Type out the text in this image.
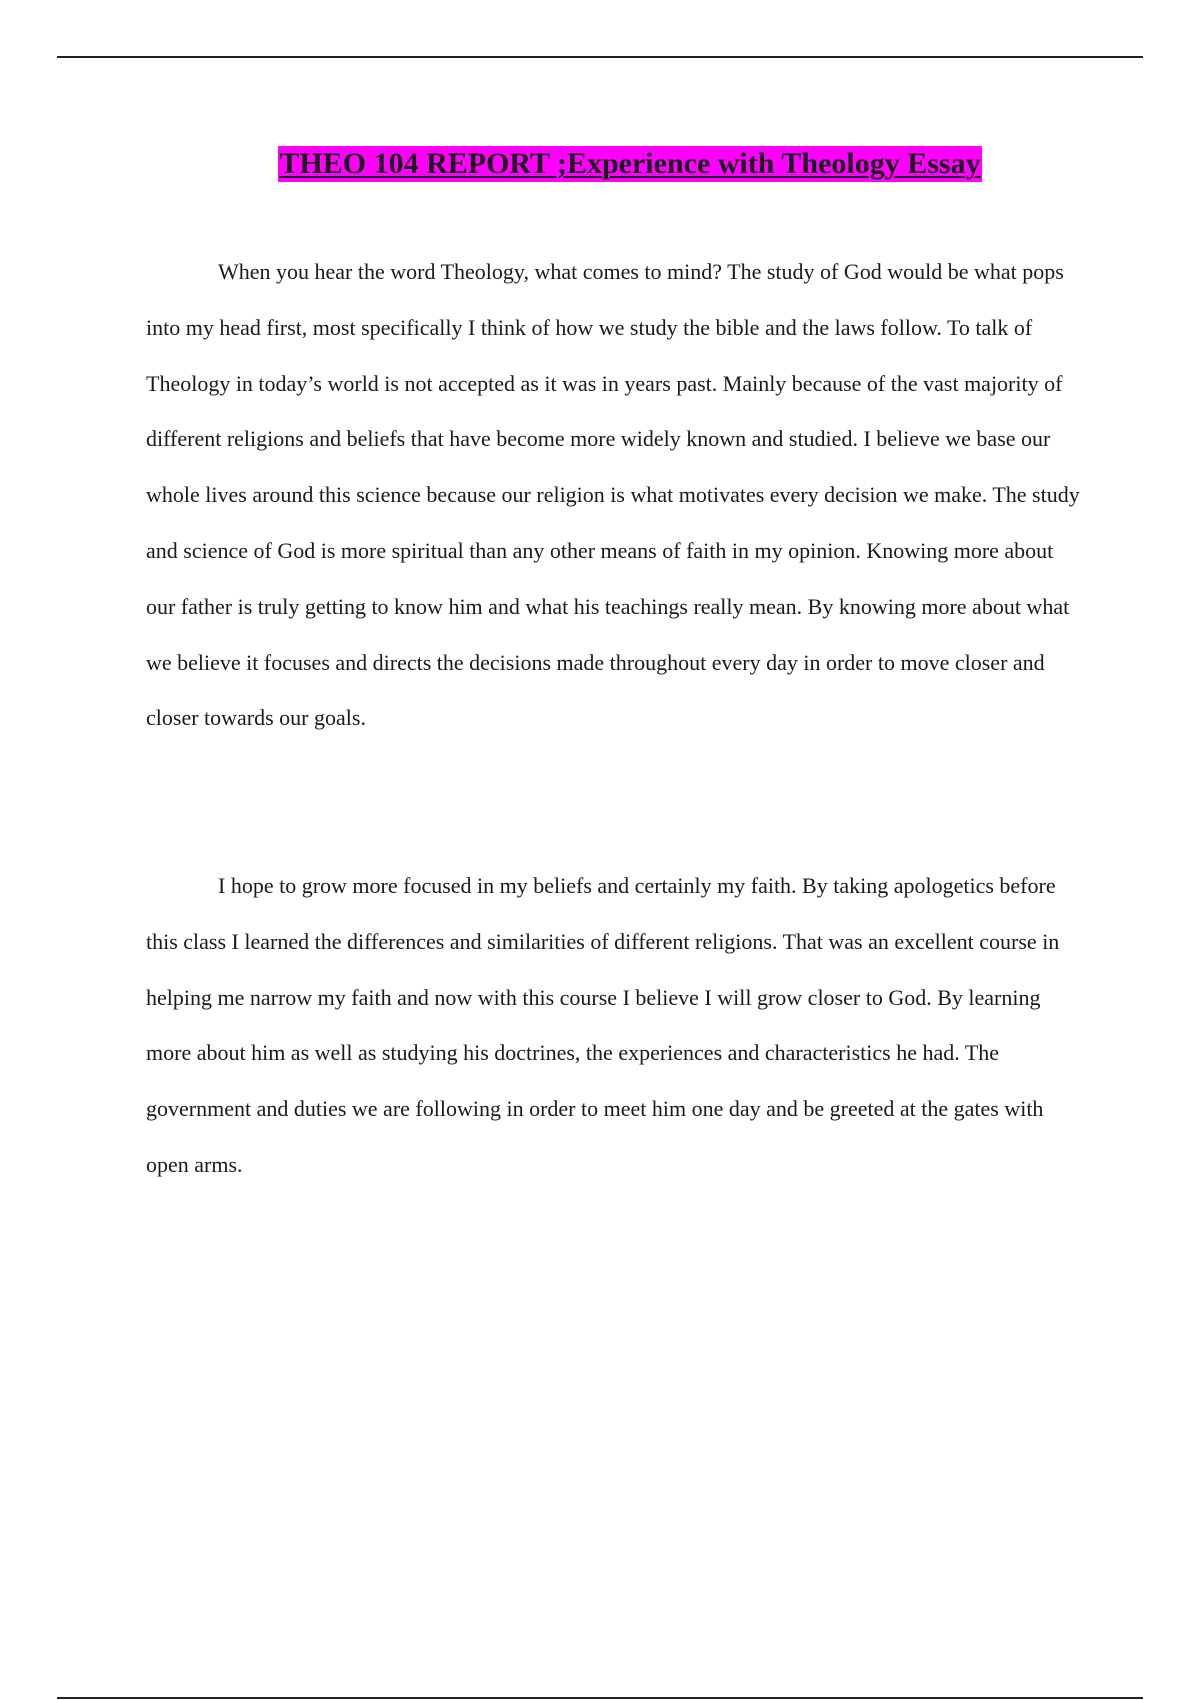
THEO 104 REPORT ;Experience with Theology Essay

When you hear the word Theology, what comes to mind? The study of God would be what pops into my head first, most specifically I think of how we study the bible and the laws follow. To talk of Theology in today’s world is not accepted as it was in years past. Mainly because of the vast majority of different religions and beliefs that have become more widely known and studied. I believe we base our whole lives around this science because our religion is what motivates every decision we make. The study and science of God is more spiritual than any other means of faith in my opinion. Knowing more about our father is truly getting to know him and what his teachings really mean. By knowing more about what we believe it focuses and directs the decisions made throughout every day in order to move closer and closer towards our goals.

I hope to grow more focused in my beliefs and certainly my faith. By taking apologetics before this class I learned the differences and similarities of different religions. That was an excellent course in helping me narrow my faith and now with this course I believe I will grow closer to God. By learning more about him as well as studying his doctrines, the experiences and characteristics he had. The government and duties we are following in order to meet him one day and be greeted at the gates with open arms.
